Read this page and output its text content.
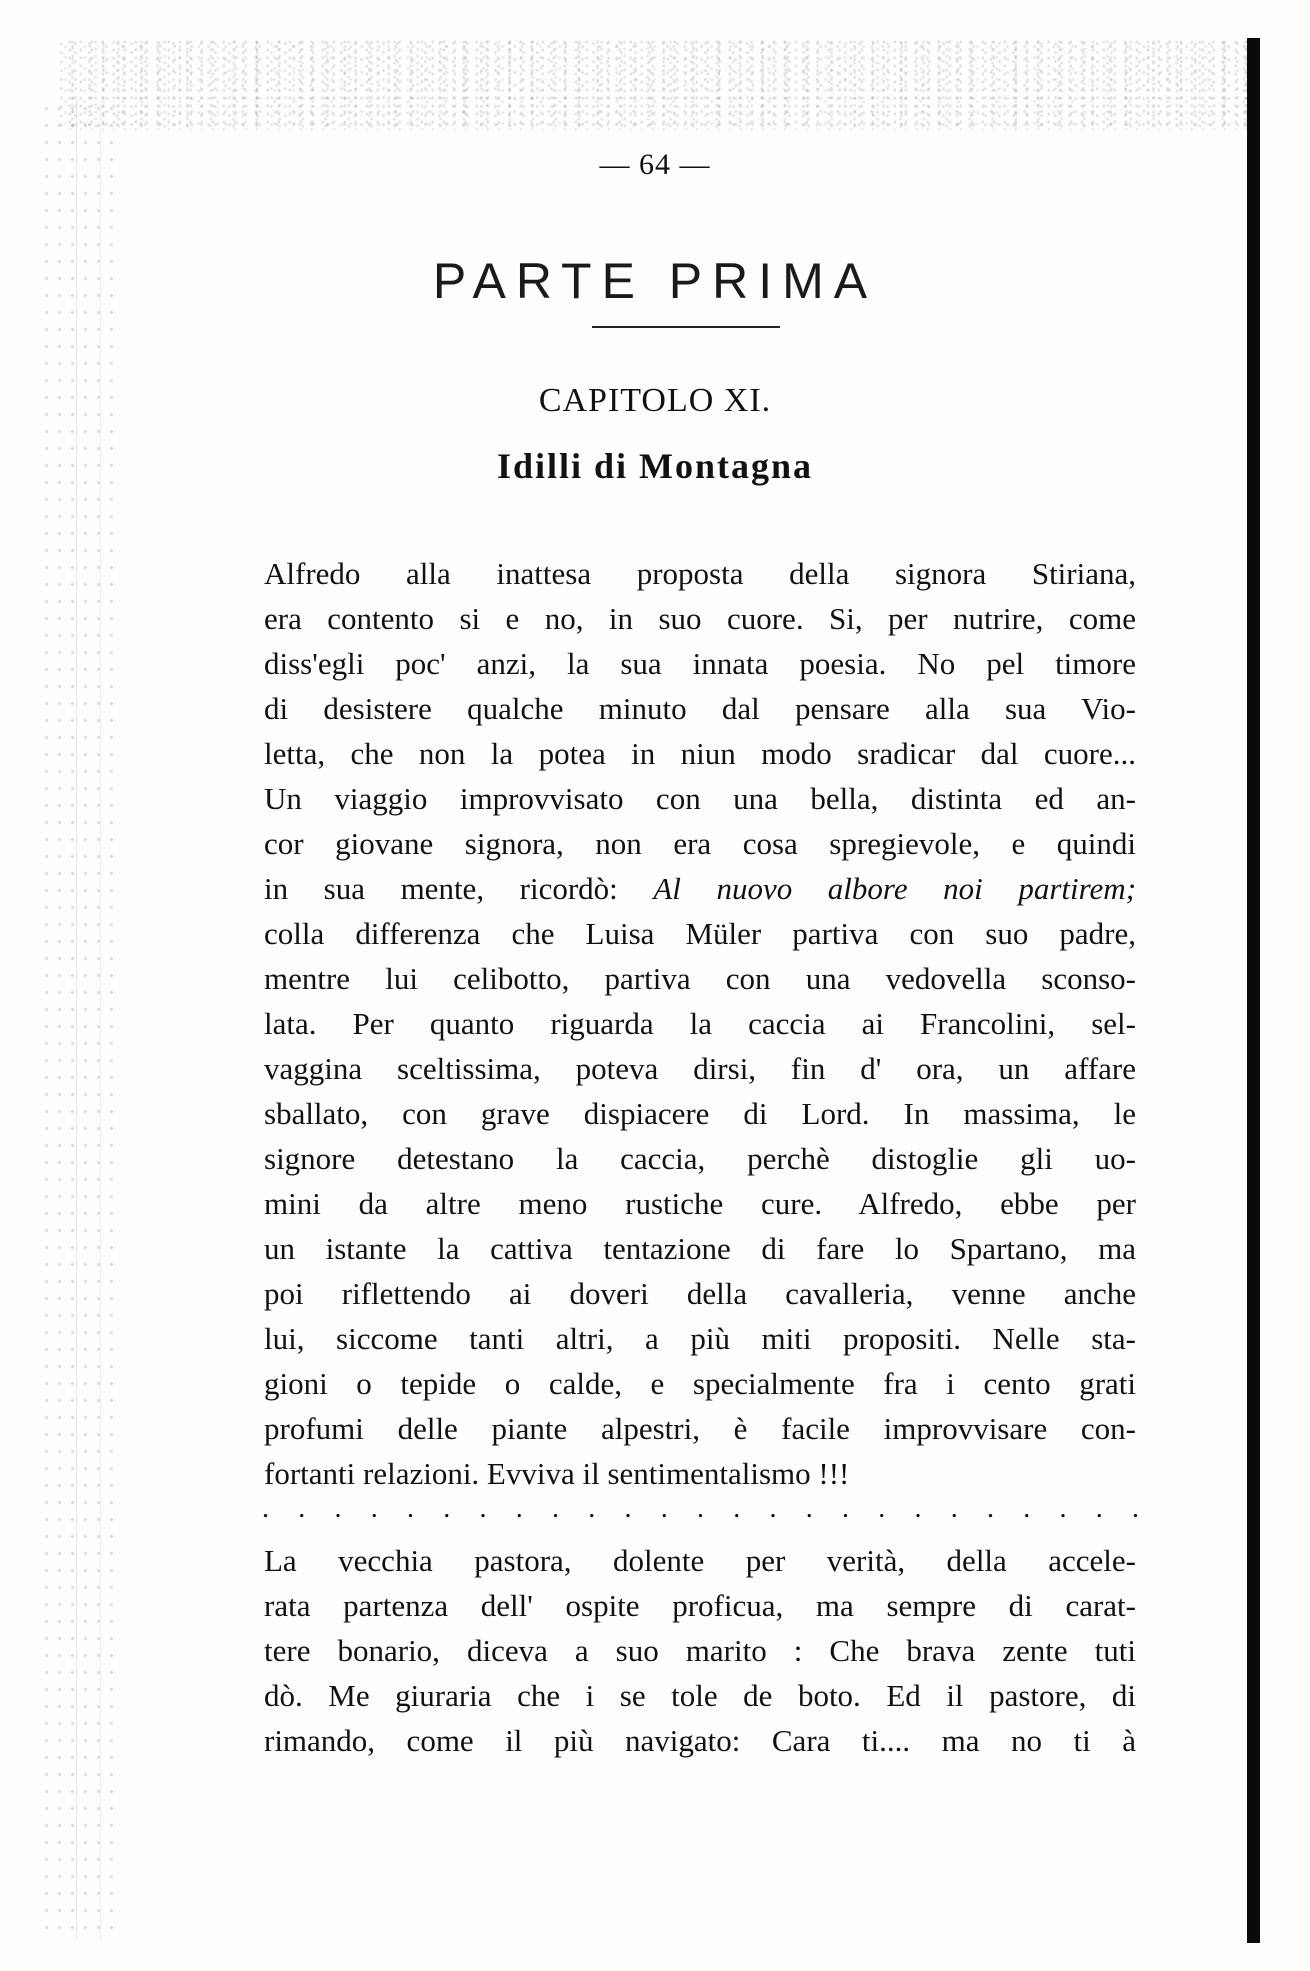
— 64 —
PARTE PRIMA
CAPITOLO XI.
Idilli di Montagna
Alfredo alla inattesa proposta della signora Stiriana,
era contento si e no, in suo cuore. Si, per nutrire, come
diss'egli poc' anzi, la sua innata poesia. No pel timore
di desistere qualche minuto dal pensare alla sua Vio-
letta, che non la potea in niun modo sradicar dal cuore...
Un viaggio improvvisato con una bella, distinta ed an-
cor giovane signora, non era cosa spregievole, e quindi
in sua mente, ricordò: Al nuovo albore noi partirem;
colla differenza che Luisa Müler partiva con suo padre,
mentre lui celibotto, partiva con una vedovella sconso-
lata. Per quanto riguarda la caccia ai Francolini, sel-
vaggina sceltissima, poteva dirsi, fin d' ora, un affare
sballato, con grave dispiacere di Lord. In massima, le
signore detestano la caccia, perchè distoglie gli uo-
mini da altre meno rustiche cure. Alfredo, ebbe per
un istante la cattiva tentazione di fare lo Spartano, ma
poi riflettendo ai doveri della cavalleria, venne anche
lui, siccome tanti altri, a più miti propositi. Nelle sta-
gioni o tepide o calde, e specialmente fra i cento grati
profumi delle piante alpestri, è facile improvvisare con-
fortanti relazioni. Evviva il sentimentalismo !!!
. . . . . . . . . . . . . . . . . . . . . . . . .
La vecchia pastora, dolente per verità, della accele-
rata partenza dell' ospite proficua, ma sempre di carat-
tere bonario, diceva a suo marito : Che brava zente tuti
dò. Me giuraria che i se tole de boto. Ed il pastore, di
rimando, come il più navigato: Cara ti.... ma no ti à
